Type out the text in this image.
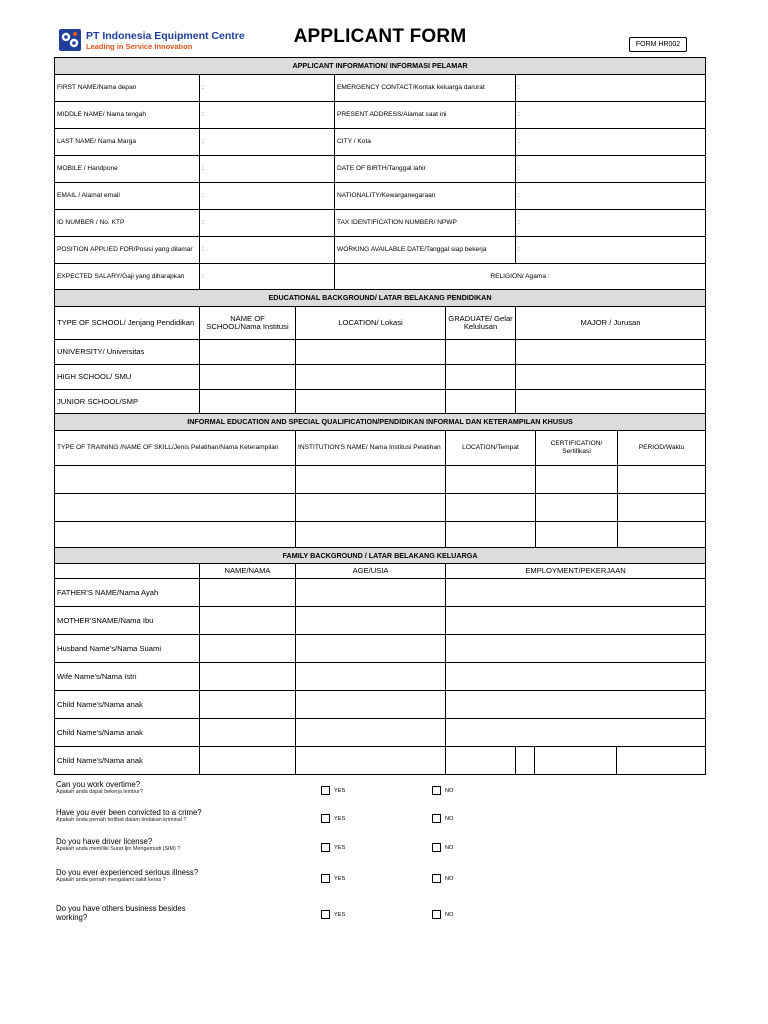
PT Indonesia Equipment Centre
Leading in Service Innovation	APPLICANT FORM	FORM HR002
APPLICANT INFORMATION/ INFORMASI PELAMAR			
FIRST NAME/Nama depan	:	EMERGENCY CONTACT/Kontak keluarga darurat	:
MIDDLE NAME/ Nama tengah	:	PRESENT ADDRESS/Alamat saat ini	:
LAST NAME/ Nama Marga	:	CITY / Kota	:
MOBILE / Handpone	:	DATE OF BIRTH/Tanggal lahir	:
EMAIL / Alamat email	:	NATIONALITY/Kewarganegaraan	:
ID NUMBER / No. KTP	:	TAX IDENTIFICATION NUMBER/ NPWP	:
POSITION APPLIED FOR/Posisi yang dilamar	:	WORKING AVAILABLE DATE/Tanggal siap bekerja	:
EXPECTED SALARY/Gaji yang diharapkan	:	RELIGION/ Agama :	
EDUCATIONAL BACKGROUND/ LATAR BELAKANG PENDIDIKAN				
TYPE OF SCHOOL/ Jenjang Pendidikan	NAME OF SCHOOL/Nama Institusi	LOCATION/ Lokasi	GRADUATE/ Gelar Kelulusan	MAJOR / Jurusan
UNIVERSITY/ Universitas				
HIGH SCHOOL/ SMU				
JUNIOR SCHOOL/SMP				
INFORMAL EDUCATION AND SPECIAL QUALIFICATION/PENDIDIKAN INFORMAL DAN KETERAMPILAN KHUSUS				
TYPE OF TRAINING /NAME OF SKILL/Jenis Pelatihan/Nama Keterampilan	INSTITUTION'S NAME/ Nama Institusi Pelatihan	LOCATION/Tempat	CERTIFICATION/ Sertifikasi	PERIOD/Waktu

FAMILY BACKGROUND / LATAR BELAKANG KELUARGA						
	NAME/NAMA	AGE/USIA	EMPLOYMENT/PEKERJAAN			
FATHER'S NAME/Nama Ayah						
MOTHER'SNAME/Nama Ibu						
Husband Name's/Nama Suami						
Wife Name's/Nama Istri						
Child Name's/Nama anak						
Child Name's/Nama anak						
Child Name's/Nama anak						
Can you work overtime?
Apakah anda dapat bekerja lembur?	YES	NO
Have you ever been convicted to a crime?
Apakah anda pernah terlibat dalam tindakan kriminal ?	YES	NO
Do you have driver license?
Apakah anda memiliki Surat Ijin Mengemudi (SIM) ?	YES	NO
Do you ever experienced serious illness?
Apakah anda pernah mengalami sakit keras ?	YES	NO
Do you have others business besides working?	YES	NO
